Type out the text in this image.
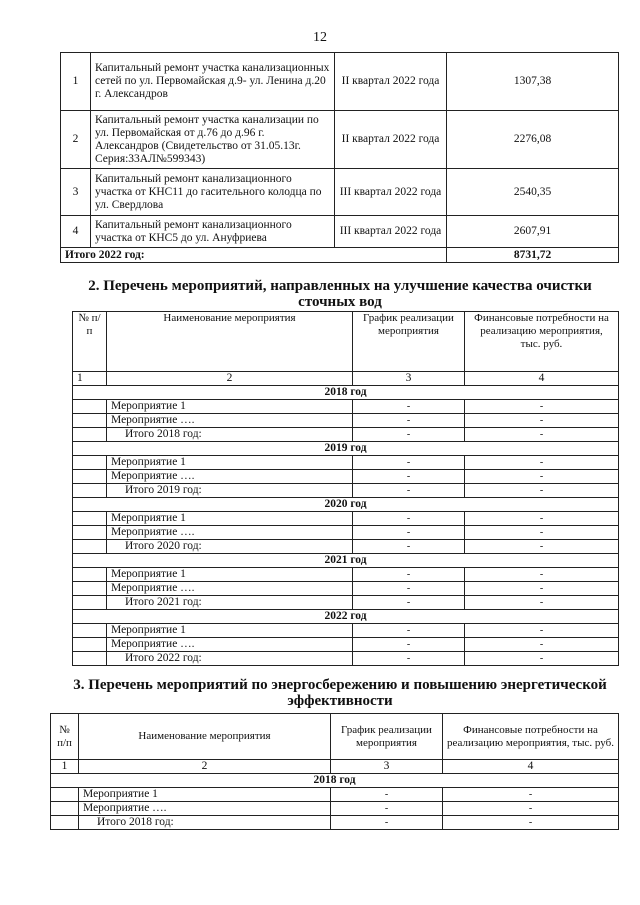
12
1	Капитальный ремонт участка канализационных сетей по ул. Первомайская д.9- ул. Ленина д.20 г. Александров	II квартал 2022 года	1307,38
2	Капитальный ремонт участка канализации по ул. Первомайская от д.76 до д.96 г. Александров (Свидетельство от 31.05.13г. Серия:33АЛ№599343)	II квартал 2022 года	2276,08
3	Капитальный ремонт канализационного участка от КНС11 до гасительного колодца по ул. Свердлова	III квартал 2022 года	2540,35
4	Капитальный ремонт канализационного участка от КНС5 до ул. Ануфриева	III квартал 2022 года	2607,91
Итого 2022 год:			8731,72
2. Перечень мероприятий, направленных на улучшение качества очистки сточных вод
№ п/п	Наименование мероприятия	График реализации мероприятия	Финансовые потребности на реализацию мероприятия, тыс. руб.
1	2	3	4
2018 год			
	Мероприятие 1	-	-
	Мероприятие ….	-	-
	Итого 2018 год:	-	-
2019 год			
	Мероприятие 1	-	-
	Мероприятие ….	-	-
	Итого 2019 год:	-	-
2020 год			
	Мероприятие 1	-	-
	Мероприятие ….	-	-
	Итого 2020 год:	-	-
2021 год			
	Мероприятие 1	-	-
	Мероприятие ….	-	-
	Итого 2021 год:	-	-
2022 год			
	Мероприятие 1	-	-
	Мероприятие ….	-	-
	Итого 2022 год:	-	-
3. Перечень мероприятий по энергосбережению и повышению энергетической эффективности
№ п/п	Наименование мероприятия	График реализации мероприятия	Финансовые потребности на реализацию мероприятия, тыс. руб.
1	2	3	4
2018 год			
	Мероприятие 1	-	-
	Мероприятие ….	-	-
	Итого 2018 год:	-	-
